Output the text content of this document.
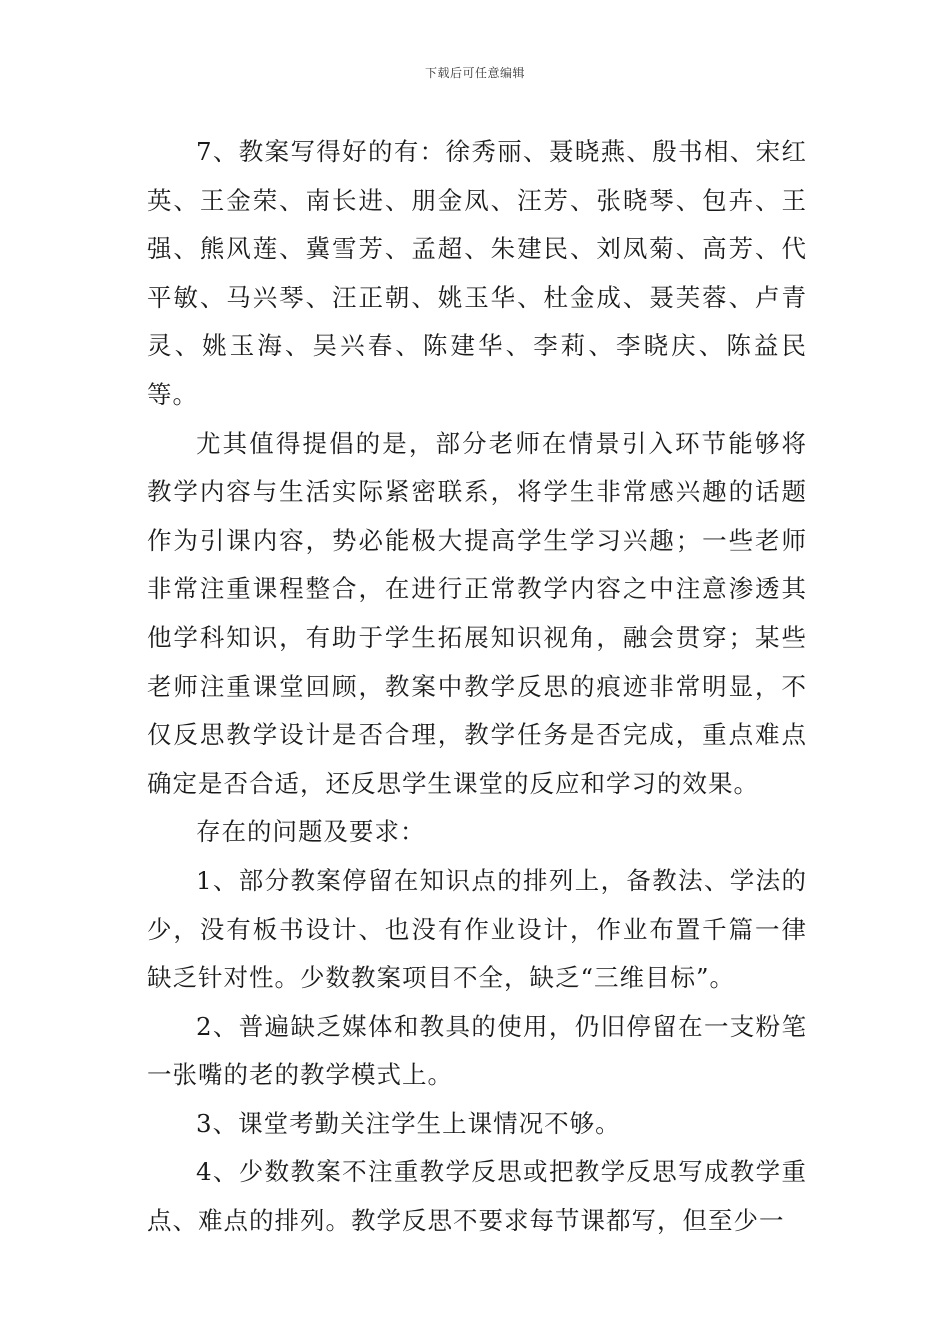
下载后可任意编辑

7、教案写得好的有：徐秀丽、聂晓燕、殷书相、宋红英、王金荣、南长进、朋金凤、汪芳、张晓琴、包卉、王强、熊风莲、冀雪芳、孟超、朱建民、刘凤菊、高芳、代平敏、马兴琴、汪正朝、姚玉华、杜金成、聂芙蓉、卢青灵、姚玉海、吴兴春、陈建华、李莉、李晓庆、陈益民等。

尤其值得提倡的是，部分老师在情景引入环节能够将教学内容与生活实际紧密联系，将学生非常感兴趣的话题作为引课内容，势必能极大提高学生学习兴趣；一些老师非常注重课程整合，在进行正常教学内容之中注意渗透其他学科知识，有助于学生拓展知识视角，融会贯穿；某些老师注重课堂回顾，教案中教学反思的痕迹非常明显，不仅反思教学设计是否合理，教学任务是否完成，重点难点确定是否合适，还反思学生课堂的反应和学习的效果。

存在的问题及要求：

1、部分教案停留在知识点的排列上，备教法、学法的少，没有板书设计、也没有作业设计，作业布置千篇一律缺乏针对性。少数教案项目不全，缺乏“三维目标”。

2、普遍缺乏媒体和教具的使用，仍旧停留在一支粉笔一张嘴的老的教学模式上。

3、课堂考勤关注学生上课情况不够。

4、少数教案不注重教学反思或把教学反思写成教学重点、难点的排列。教学反思不要求每节课都写，但至少一
